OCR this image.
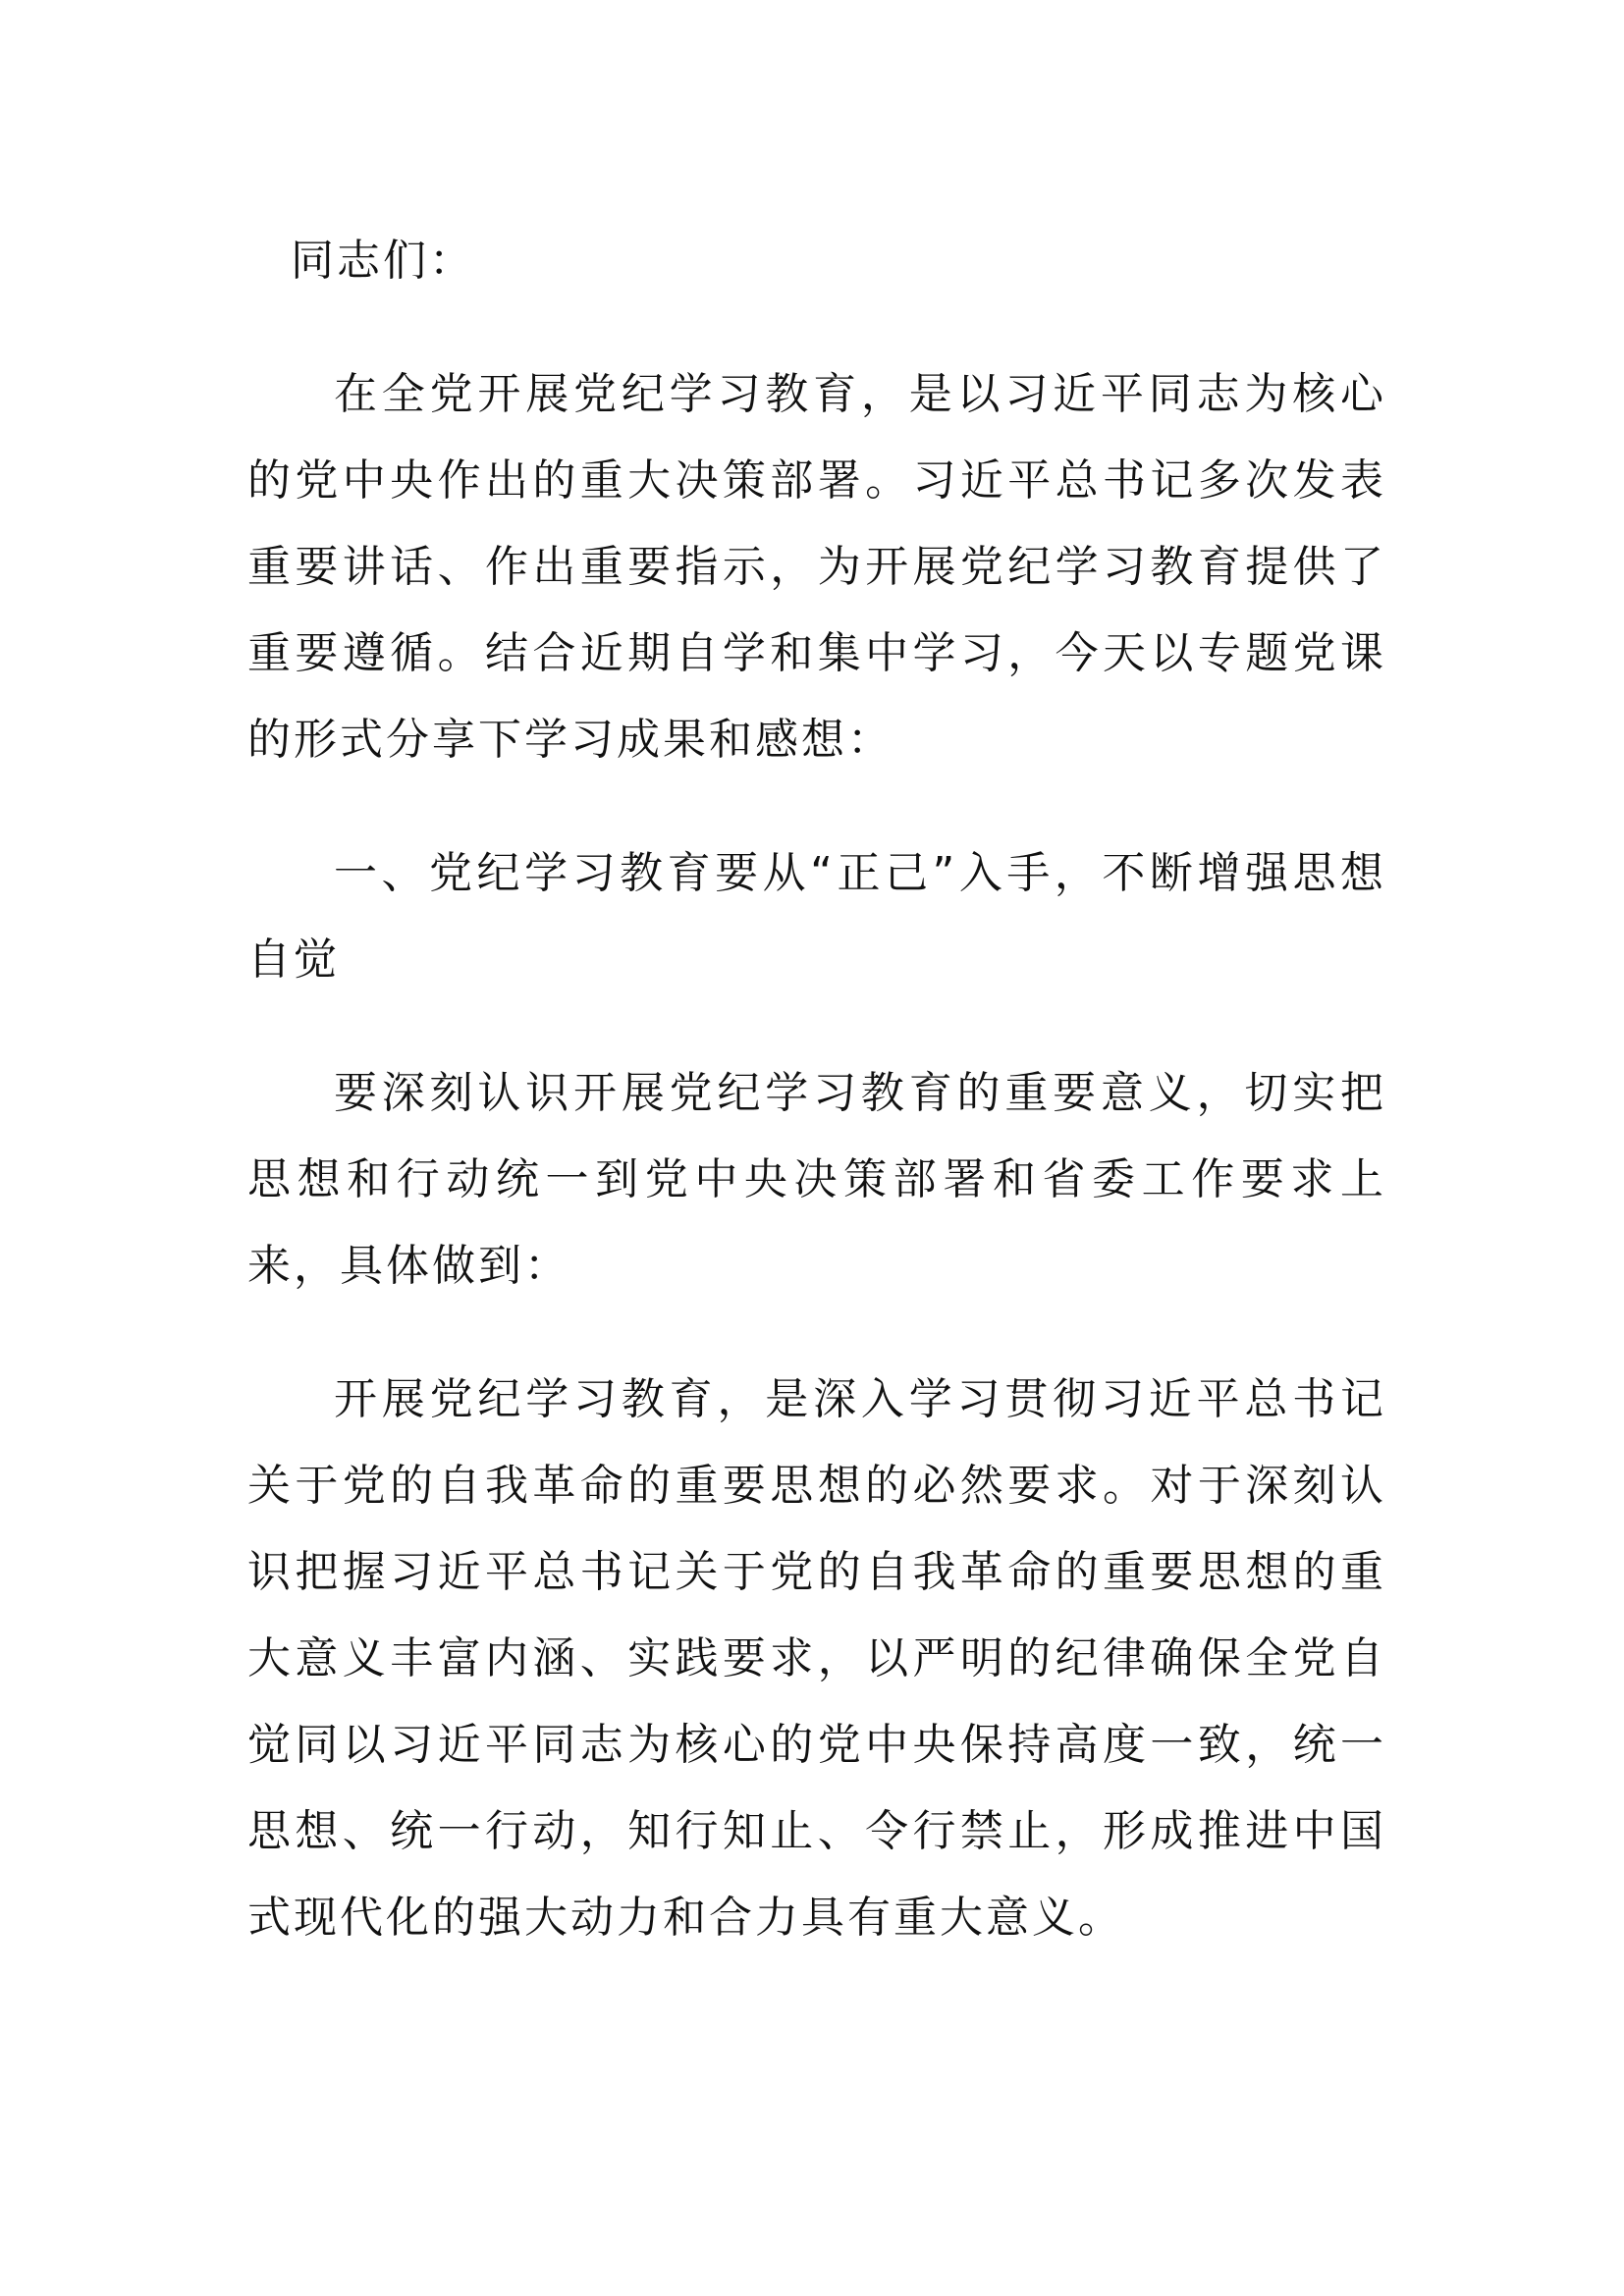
同志们：

在全党开展党纪学习教育，是以习近平同志为核心的党中央作出的重大决策部署。习近平总书记多次发表重要讲话、作出重要指示，为开展党纪学习教育提供了重要遵循。结合近期自学和集中学习，今天以专题党课的形式分享下学习成果和感想：

一、党纪学习教育要从“正己”入手，不断增强思想自觉

要深刻认识开展党纪学习教育的重要意义，切实把思想和行动统一到党中央决策部署和省委工作要求上来，具体做到：

开展党纪学习教育，是深入学习贯彻习近平总书记关于党的自我革命的重要思想的必然要求。对于深刻认识把握习近平总书记关于党的自我革命的重要思想的重大意义丰富内涵、实践要求，以严明的纪律确保全党自觉同以习近平同志为核心的党中央保持高度一致，统一思想、统一行动，知行知止、令行禁止，形成推进中国式现代化的强大动力和合力具有重大意义。
